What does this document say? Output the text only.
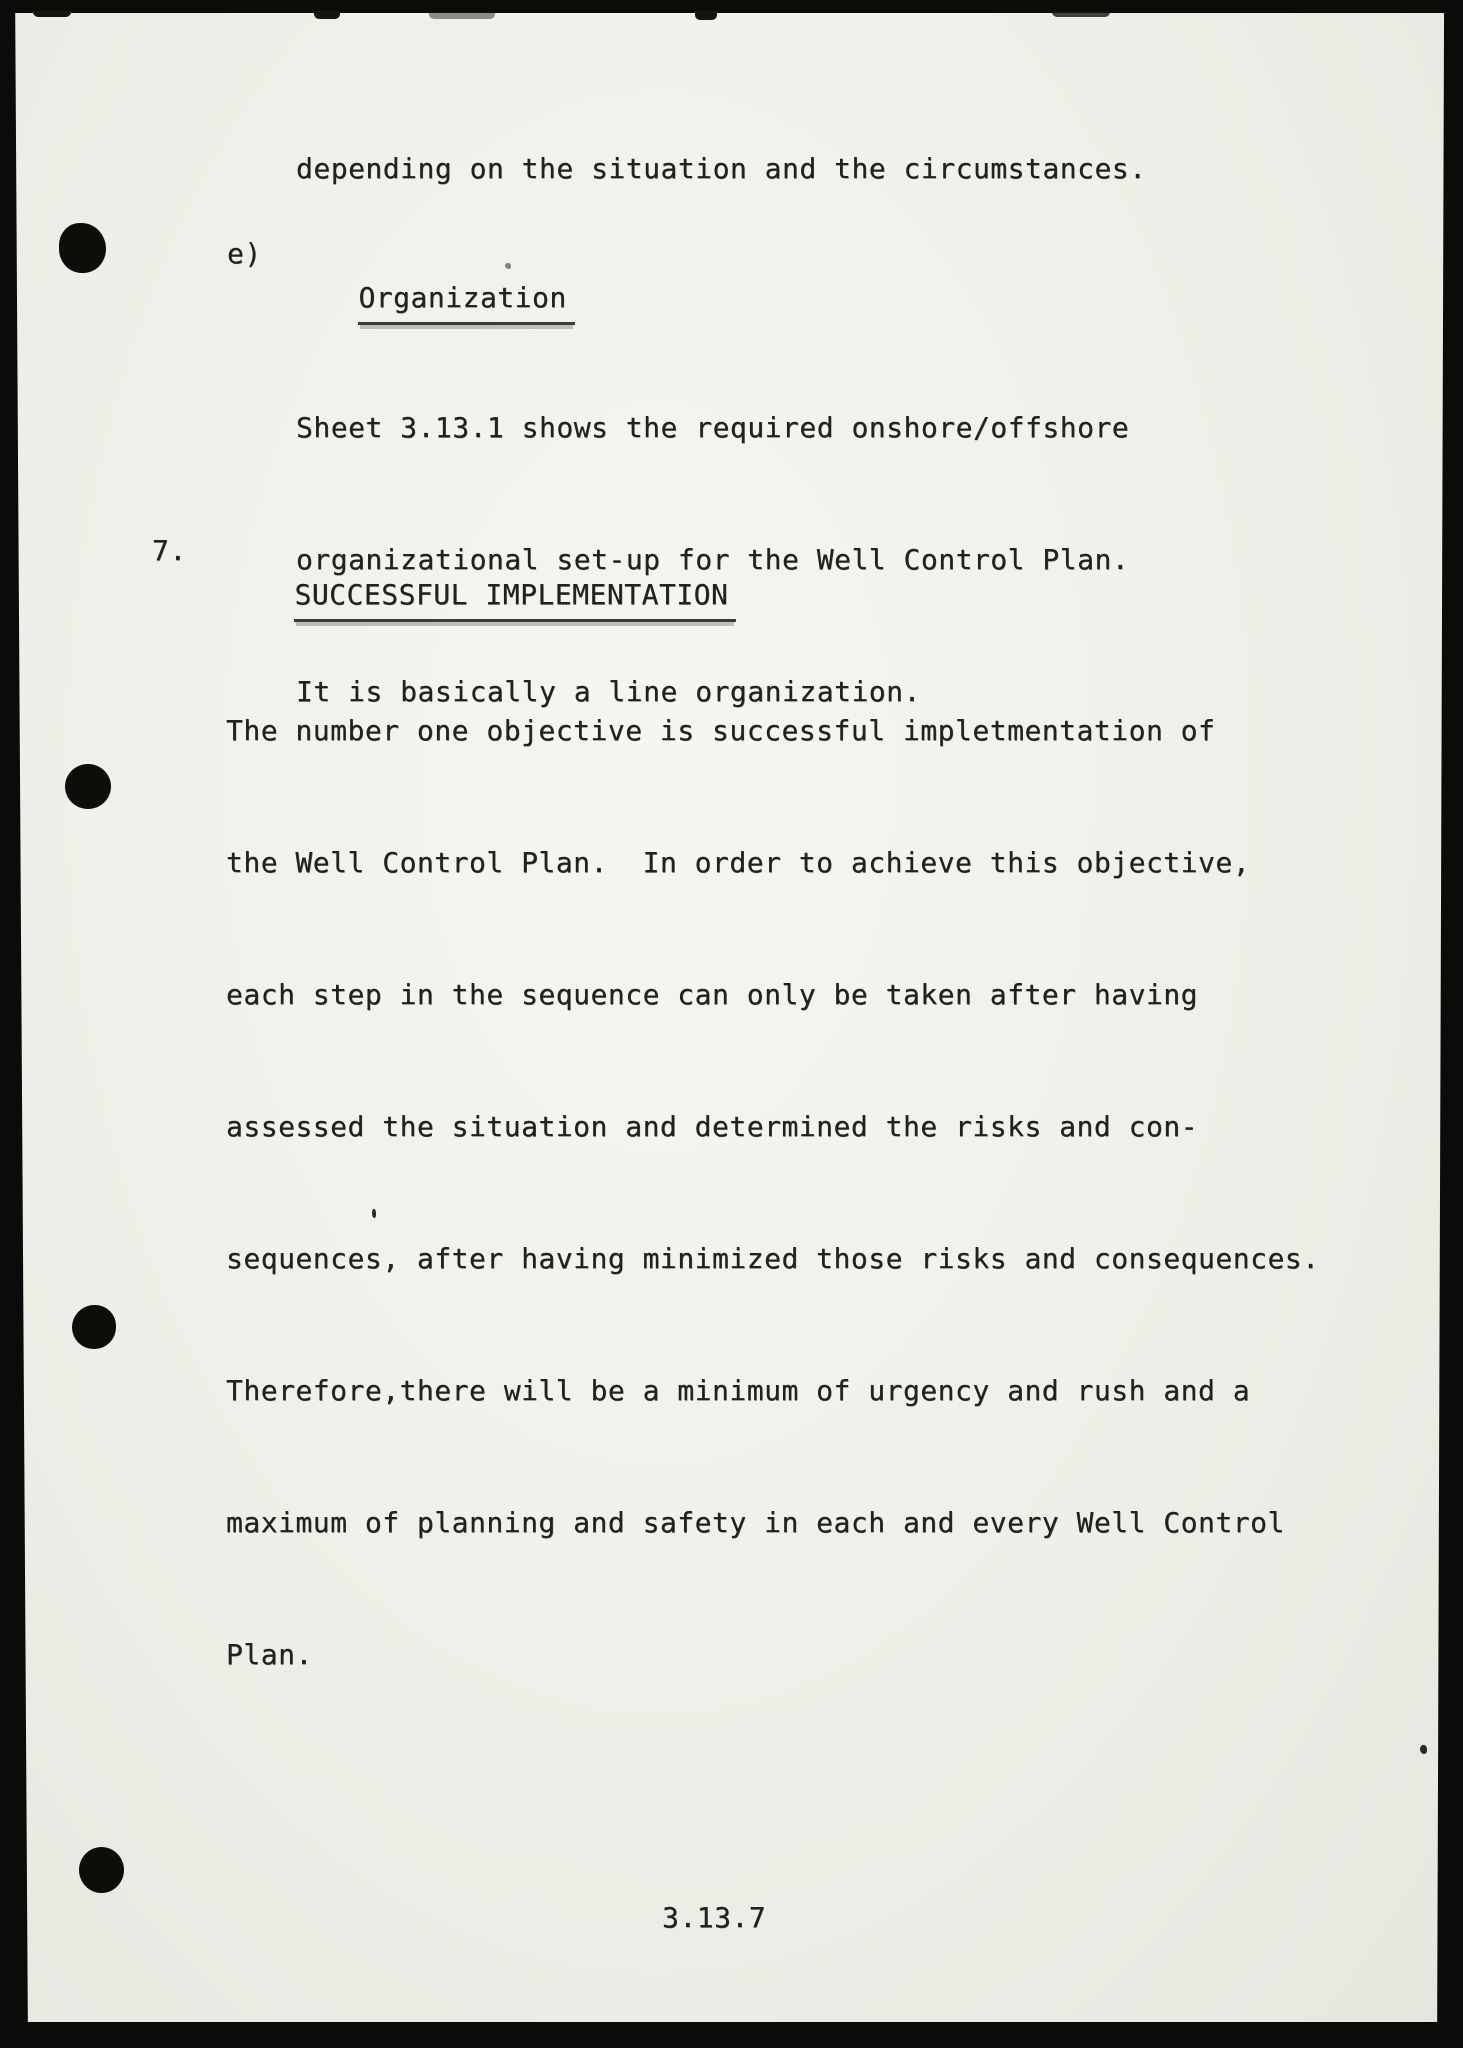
depending on the situation and the circumstances.
e)

Organization

Sheet 3.13.1 shows the required onshore/offshore

organizational set-up for the Well Control Plan.

It is basically a line organization.

7.

SUCCESSFUL IMPLEMENTATION

The number one objective is successful impletmentation of

the Well Control Plan.  In order to achieve this objective,

each step in the sequence can only be taken after having

assessed the situation and determined the risks and con-

sequences, after having minimized those risks and consequences.

Therefore,there will be a minimum of urgency and rush and a

maximum of planning and safety in each and every Well Control

Plan.

3.13.7
